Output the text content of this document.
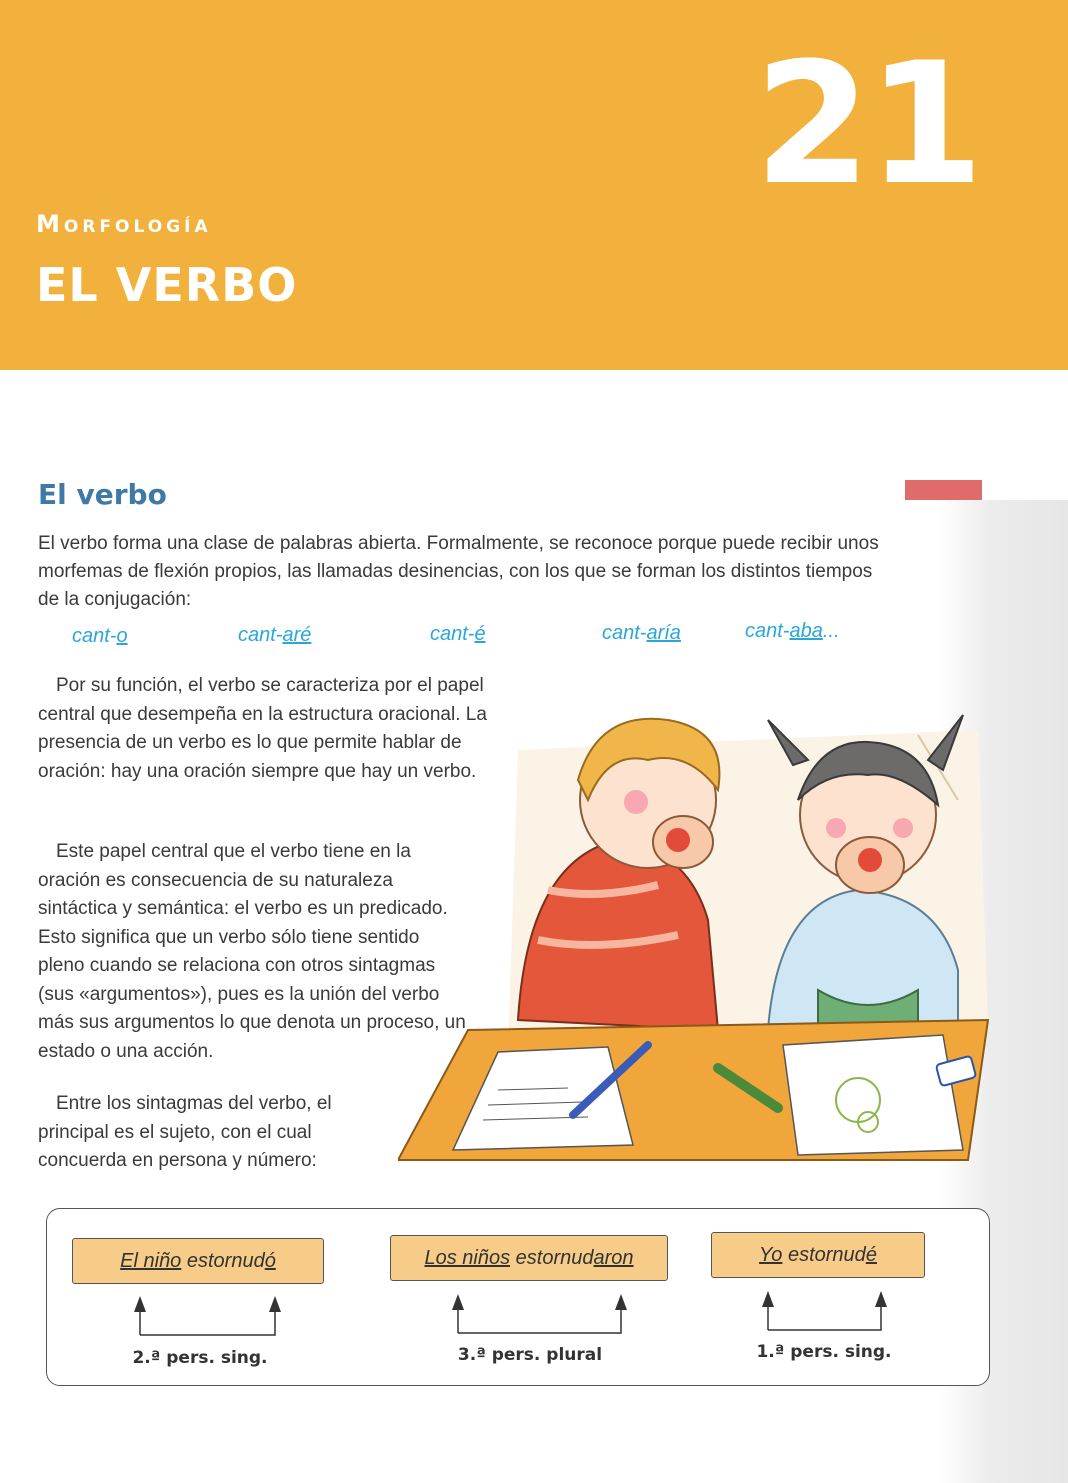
21
Morfología
EL VERBO
El verbo
El verbo forma una clase de palabras abierta. Formalmente, se reconoce porque puede recibir unos morfemas de flexión propios, las llamadas desinencias, con los que se forman los distintos tiempos de la conjugación:
cant-o	cant-aré	cant-é	cant-aría	cant-aba...
Por su función, el verbo se caracteriza por el papel central que desempeña en la estructura oracional. La presencia de un verbo es lo que permite hablar de oración: hay una oración siempre que hay un verbo.
Este papel central que el verbo tiene en la oración es consecuencia de su naturaleza sintáctica y semántica: el verbo es un predicado. Esto significa que un verbo sólo tiene sentido pleno cuando se relaciona con otros sintagmas (sus «argumentos»), pues es la unión del verbo más sus argumentos lo que denota un proceso, un estado o una acción.
Entre los sintagmas del verbo, el principal es el sujeto, con el cual concuerda en persona y número:
El niño
estornud ó	Los niños
estornud aron	Yo
estornud é
2.ª pers. sing.	3.ª pers. plural	1.ª pers. sing.
